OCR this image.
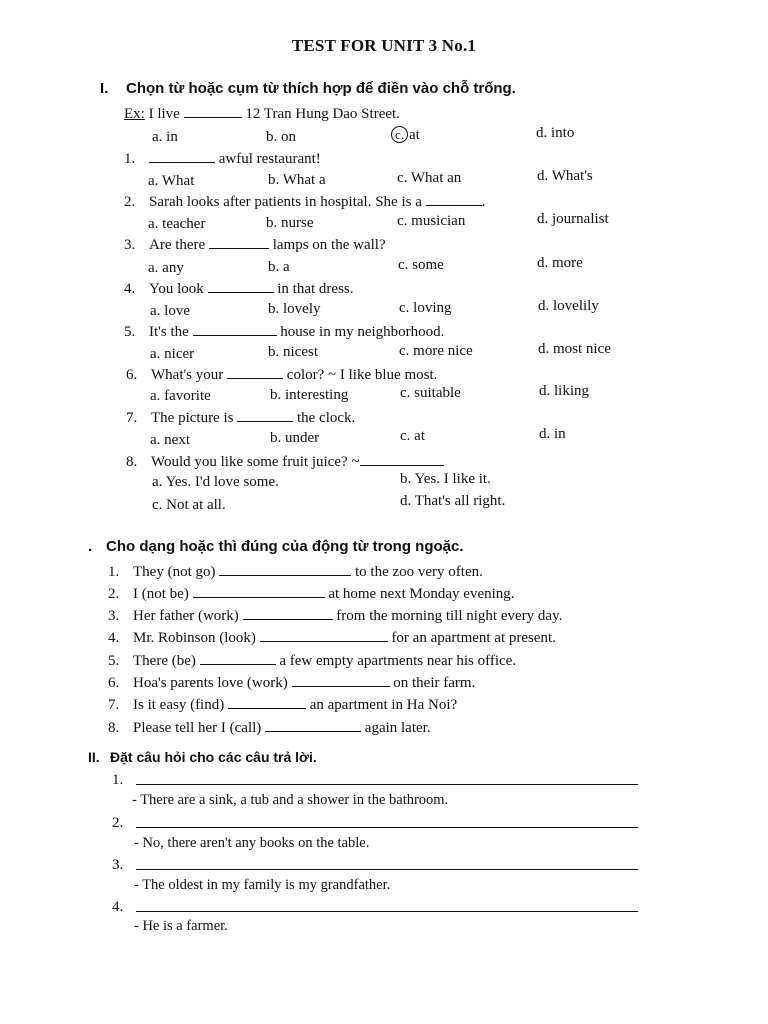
TEST FOR UNIT 3 No.1
I. Chọn từ hoặc cụm từ thích hợp để điền vào chỗ trống.
Ex: I live	12 Tran Hung Dao Street.
a. in	b. on	c. at	d. into
1.	awful restaurant!
a. What	b. What a	c. What an	d. What's
2. Sarah looks after patients in hospital. She is a	.
a. teacher	b. nurse	c. musician	d. journalist
3. Are there	lamps on the wall?
a. any	b. a	c. some	d. more
4. You look	in that dress.
a. love	b. lovely	c. loving	d. lovelily
5. It's the	house in my neighborhood.
a. nicer	b. nicest	c. more nice	d. most nice
6. What's your	color? ~ I like blue most.
a. favorite	b. interesting	c. suitable	d. liking
7. The picture is	the clock.
a. next	b. under	c. at	d. in
8. Would you like some fruit juice? ~
a. Yes. I'd love some.	b. Yes. I like it.
c. Not at all.	d. That's all right.
. Cho dạng hoặc thì đúng của động từ trong ngoặc.
1. They (not go)	to the zoo very often.
2. I (not be)	at home next Monday evening.
3. Her father (work)	from the morning till night every day.
4. Mr. Robinson (look)	for an apartment at present.
5. There (be)	a few empty apartments near his office.
6. Hoa's parents love (work)	on their farm.
7. Is it easy (find)	an apartment in Ha Noi?
8. Please tell her I (call)	again later.
II. Đặt câu hỏi cho các câu trả lời.
1.
- There are a sink, a tub and a shower in the bathroom.
2.
- No, there aren't any books on the table.
3.
- The oldest in my family is my grandfather.
4.
- He is a farmer.
